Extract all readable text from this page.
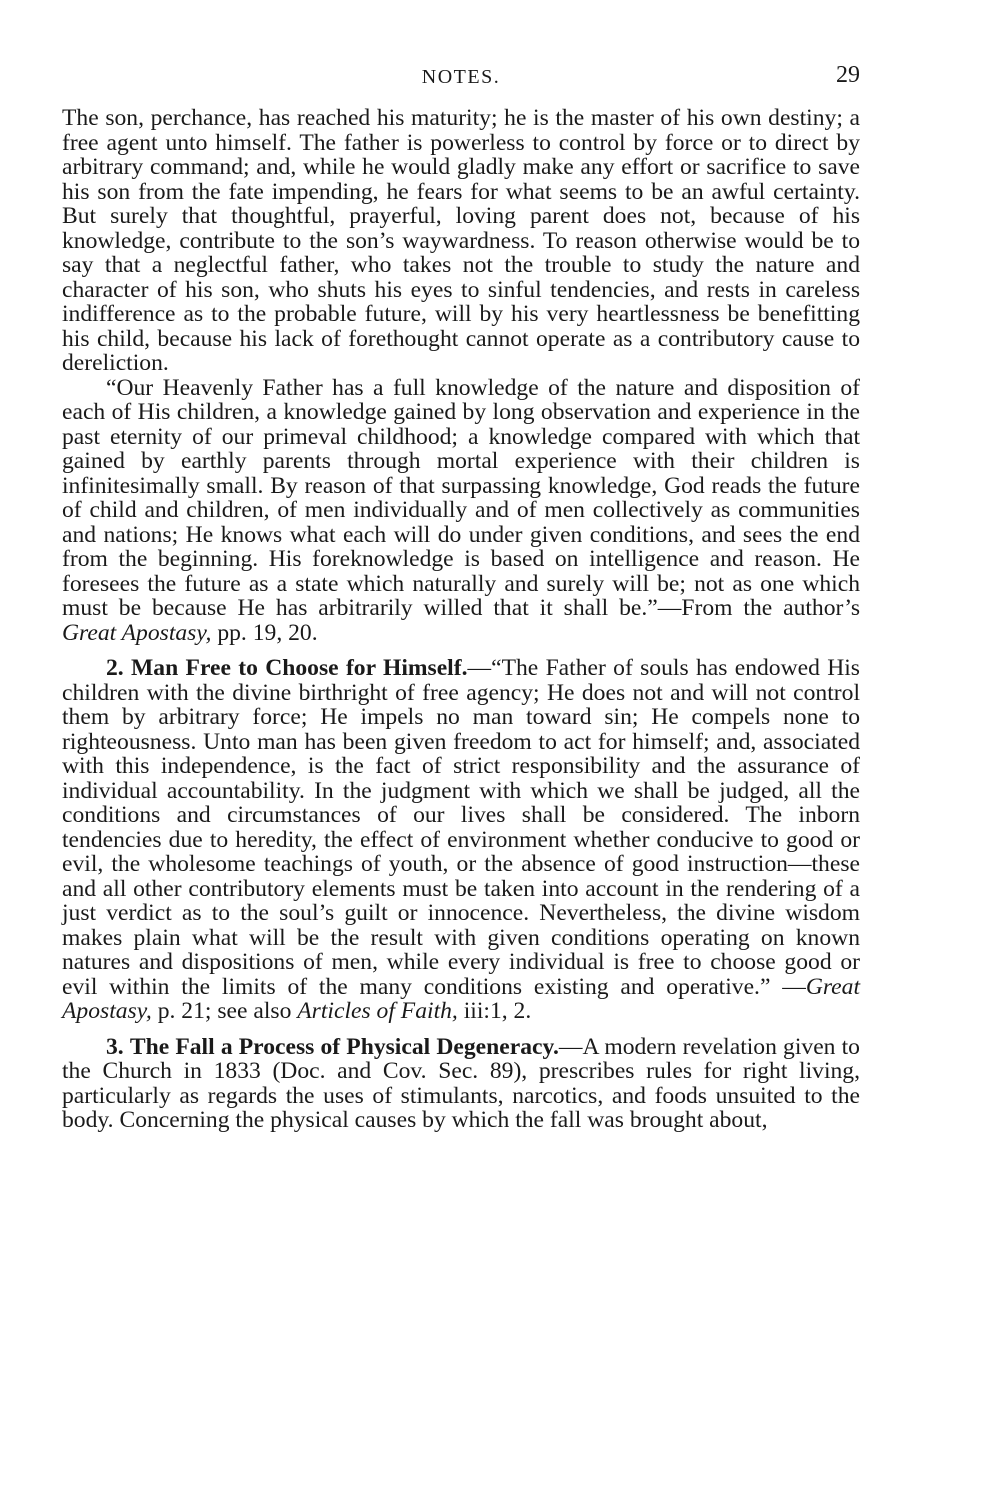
NOTES.	29

The son, perchance, has reached his maturity; he is the master of his own destiny; a free agent unto himself. The father is powerless to control by force or to direct by arbitrary command; and, while he would gladly make any effort or sacrifice to save his son from the fate impending, he fears for what seems to be an awful certainty. But surely that thoughtful, prayerful, loving parent does not, because of his knowledge, contribute to the son’s waywardness. To reason otherwise would be to say that a neglectful father, who takes not the trouble to study the nature and character of his son, who shuts his eyes to sinful tendencies, and rests in careless indifference as to the probable future, will by his very heartlessness be benefitting his child, because his lack of forethought cannot operate as a contributory cause to dereliction.

“Our Heavenly Father has a full knowledge of the nature and disposition of each of His children, a knowledge gained by long observation and experience in the past eternity of our primeval childhood; a knowledge compared with which that gained by earthly parents through mortal experience with their children is infinitesimally small. By reason of that surpassing knowledge, God reads the future of child and children, of men individually and of men collectively as communities and nations; He knows what each will do under given conditions, and sees the end from the beginning. His foreknowledge is based on intelligence and reason. He foresees the future as a state which naturally and surely will be; not as one which must be because He has arbitrarily willed that it shall be.”—From the author’s Great Apostasy, pp. 19, 20.

2. Man Free to Choose for Himself.—“The Father of souls has endowed His children with the divine birthright of free agency; He does not and will not control them by arbitrary force; He impels no man toward sin; He compels none to righteousness. Unto man has been given freedom to act for himself; and, associated with this independence, is the fact of strict responsibility and the assurance of individual accountability. In the judgment with which we shall be judged, all the conditions and circumstances of our lives shall be considered. The inborn tendencies due to heredity, the effect of environment whether conducive to good or evil, the wholesome teachings of youth, or the absence of good instruction—these and all other contributory elements must be taken into account in the rendering of a just verdict as to the soul’s guilt or innocence. Nevertheless, the divine wisdom makes plain what will be the result with given conditions operating on known natures and dispositions of men, while every individual is free to choose good or evil within the limits of the many conditions existing and operative.” —Great Apostasy, p. 21; see also Articles of Faith, iii:1, 2.

3. The Fall a Process of Physical Degeneracy.—A modern revelation given to the Church in 1833 (Doc. and Cov. Sec. 89), prescribes rules for right living, particularly as regards the uses of stimulants, narcotics, and foods unsuited to the body. Concerning the physical causes by which the fall was brought about,
